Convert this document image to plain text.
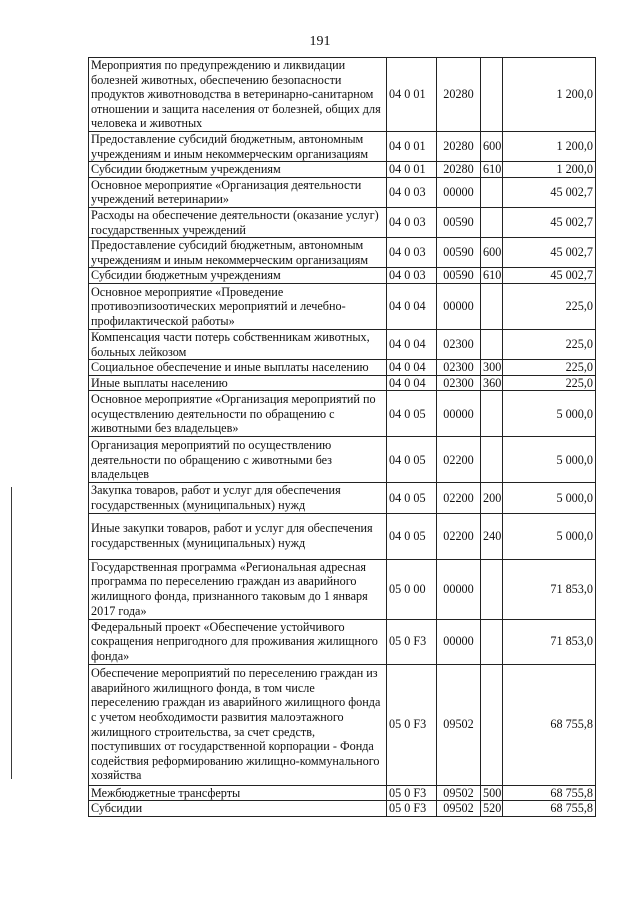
191
Мероприятия по предупреждению и ликвидации болезней животных, обеспечению безопасности продуктов животноводства в ветеринарно-санитарном отношении и защита населения от болезней, общих для человека и животных	04 0 01	20280		1 200,0
Предоставление субсидий бюджетным, автономным учреждениям и иным некоммерческим организациям	04 0 01	20280	600	1 200,0
Субсидии бюджетным учреждениям	04 0 01	20280	610	1 200,0
Основное мероприятие «Организация деятельности учреждений ветеринарии»	04 0 03	00000		45 002,7
Расходы на обеспечение деятельности (оказание услуг) государственных учреждений	04 0 03	00590		45 002,7
Предоставление субсидий бюджетным, автономным учреждениям и иным некоммерческим организациям	04 0 03	00590	600	45 002,7
Субсидии бюджетным учреждениям	04 0 03	00590	610	45 002,7
Основное мероприятие «Проведение противоэпизоотических мероприятий и лечебно-профилактической работы»	04 0 04	00000		225,0
Компенсация части потерь собственникам животных, больных лейкозом	04 0 04	02300		225,0
Социальное обеспечение и иные выплаты населению	04 0 04	02300	300	225,0
Иные выплаты населению	04 0 04	02300	360	225,0
Основное мероприятие «Организация мероприятий по осуществлению деятельности по обращению с животными без владельцев»	04 0 05	00000		5 000,0
Организация мероприятий по осуществлению деятельности по обращению с животными без владельцев	04 0 05	02200		5 000,0
Закупка товаров, работ и услуг для обеспечения государственных (муниципальных) нужд	04 0 05	02200	200	5 000,0
Иные закупки товаров, работ и услуг для обеспечения государственных (муниципальных) нужд	04 0 05	02200	240	5 000,0
Государственная программа «Региональная адресная программа по переселению граждан из аварийного жилищного фонда, признанного таковым до 1 января 2017 года»	05 0 00	00000		71 853,0
Федеральный проект «Обеспечение устойчивого сокращения непригодного для проживания жилищного фонда»	05 0 F3	00000		71 853,0
Обеспечение мероприятий по переселению граждан из аварийного жилищного фонда, в том числе переселению граждан из аварийного жилищного фонда с учетом необходимости развития малоэтажного жилищного строительства, за счет средств, поступивших от государственной корпорации - Фонда содействия реформированию жилищно-коммунального хозяйства	05 0 F3	09502		68 755,8
Межбюджетные трансферты	05 0 F3	09502	500	68 755,8
Субсидии	05 0 F3	09502	520	68 755,8
